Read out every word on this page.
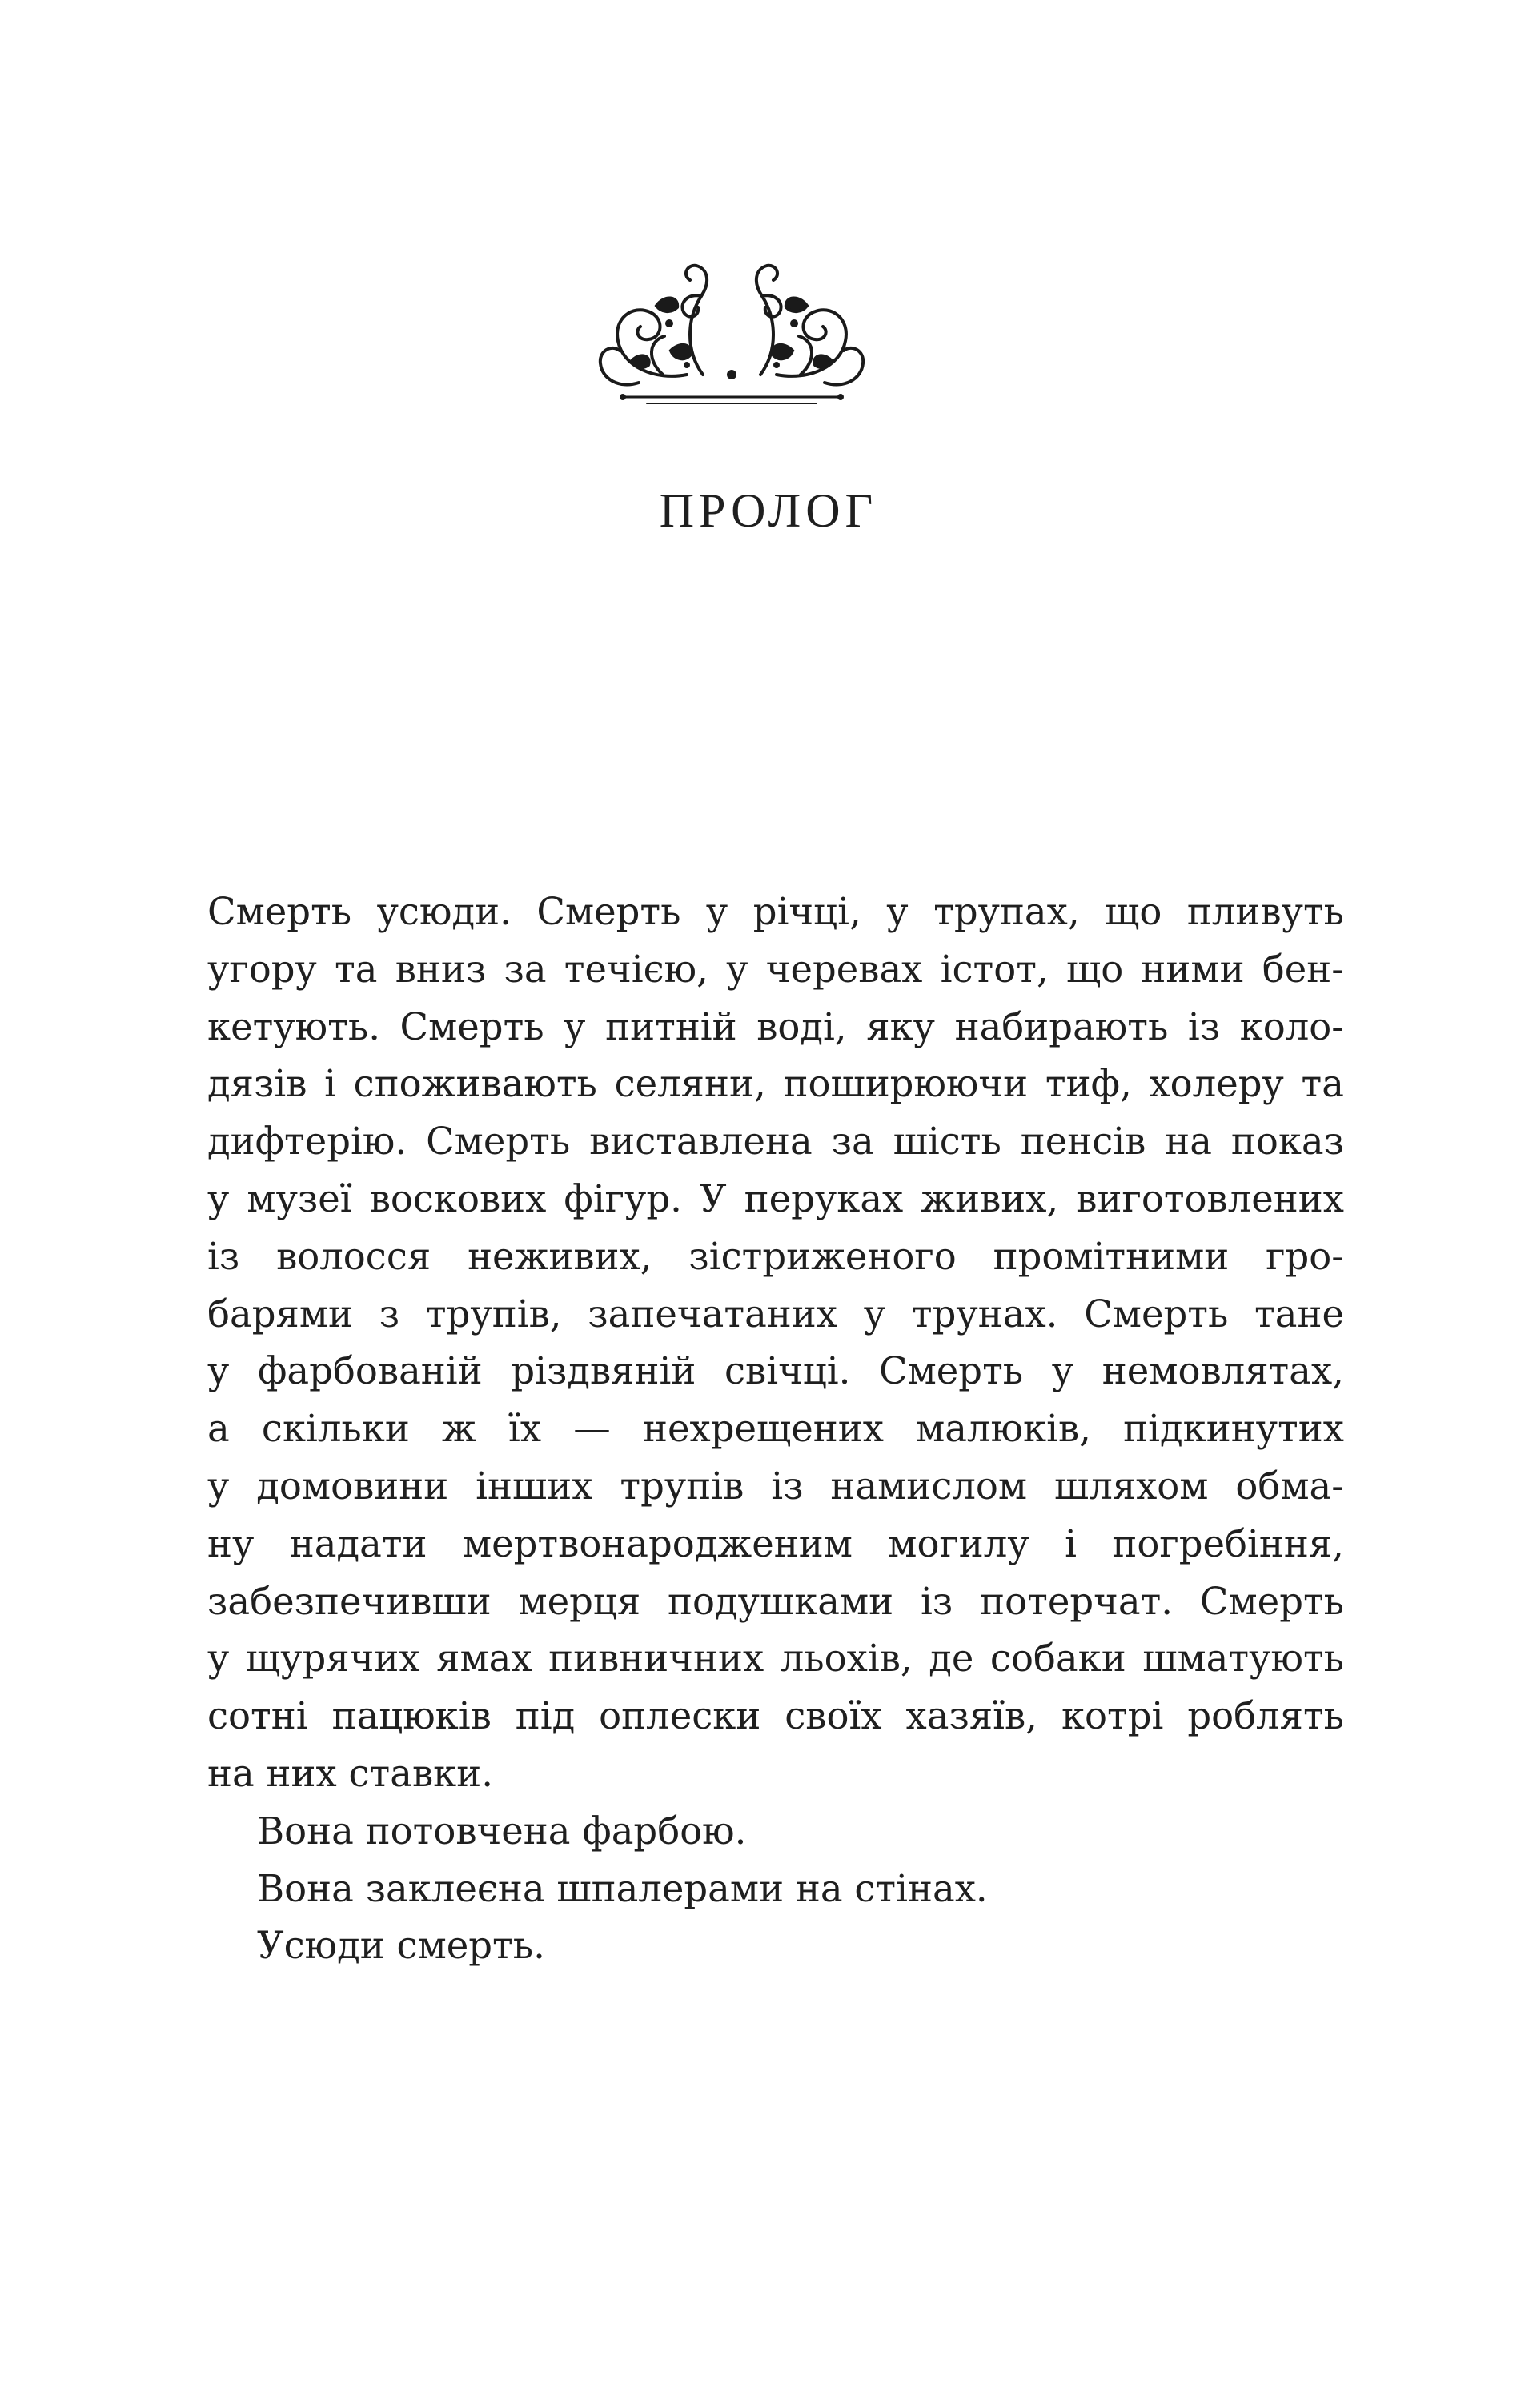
ПРОЛОГ
Смерть усюди. Смерть у річці, у трупах, що пливуть
угору та вниз за течією, у черевах істот, що ними бен-
кетують. Смерть у питній воді, яку набирають із коло-
дязів і споживають селяни, поширюючи тиф, холеру та
дифтерію. Смерть виставлена за шість пенсів на показ
у музеї воскових фігур. У перуках живих, виготовлених
із волосся неживих, зістриженого промітними гро-
барями з трупів, запечатаних у трунах. Смерть тане
у фарбованій різдвяній свічці. Смерть у немовлятах,
а скільки ж їх — нехрещених малюків, підкинутих
у домовини інших трупів із намислом шляхом обма-
ну надати мертвонародженим могилу і погребіння,
забезпечивши мерця подушками із потерчат. Смерть
у щурячих ямах пивничних льохів, де собаки шматують
сотні пацюків під оплески своїх хазяїв, котрі роблять
на них ставки.
Вона потовчена фарбою.
Вона заклеєна шпалерами на стінах.
Усюди смерть.
